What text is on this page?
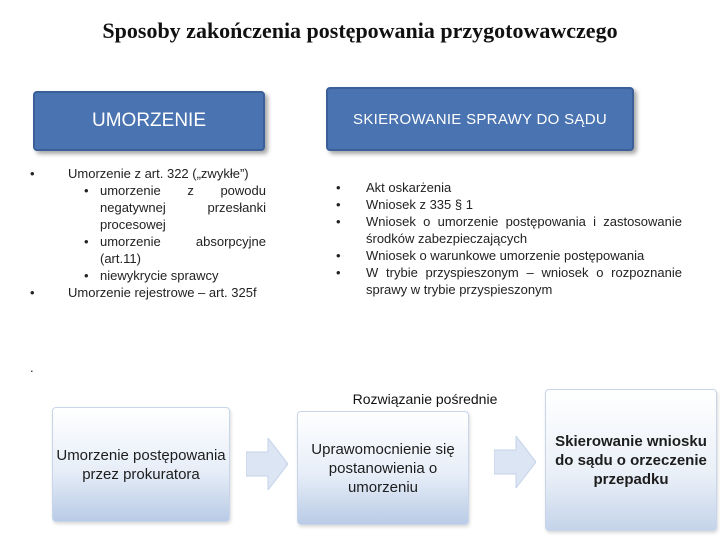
Sposoby zakończenia postępowania przygotowawczego
UMORZENIE	SKIEROWANIE SPRAWY DO SĄDU
•	Umorzenie z art. 322 („zwykłe”)
• umorzenie z powodu negatywnej przesłanki procesowej
• umorzenie absorpcyjne (art.11)
• niewykrycie sprawcy
•	Umorzenie rejestrowe – art. 325f
.
• Akt oskarżenia
• Wniosek z 335 § 1
• Wniosek o umorzenie postępowania i zastosowanie środków zabezpieczających
• Wniosek o warunkowe umorzenie postępowania
• W trybie przyspieszonym – wniosek o rozpoznanie sprawy w trybie przyspieszonym
Rozwiązanie pośrednie
Umorzenie postępowania przez prokuratora
Uprawomocnienie się postanowienia o umorzeniu
Skierowanie wniosku do sądu o orzeczenie przepadku
